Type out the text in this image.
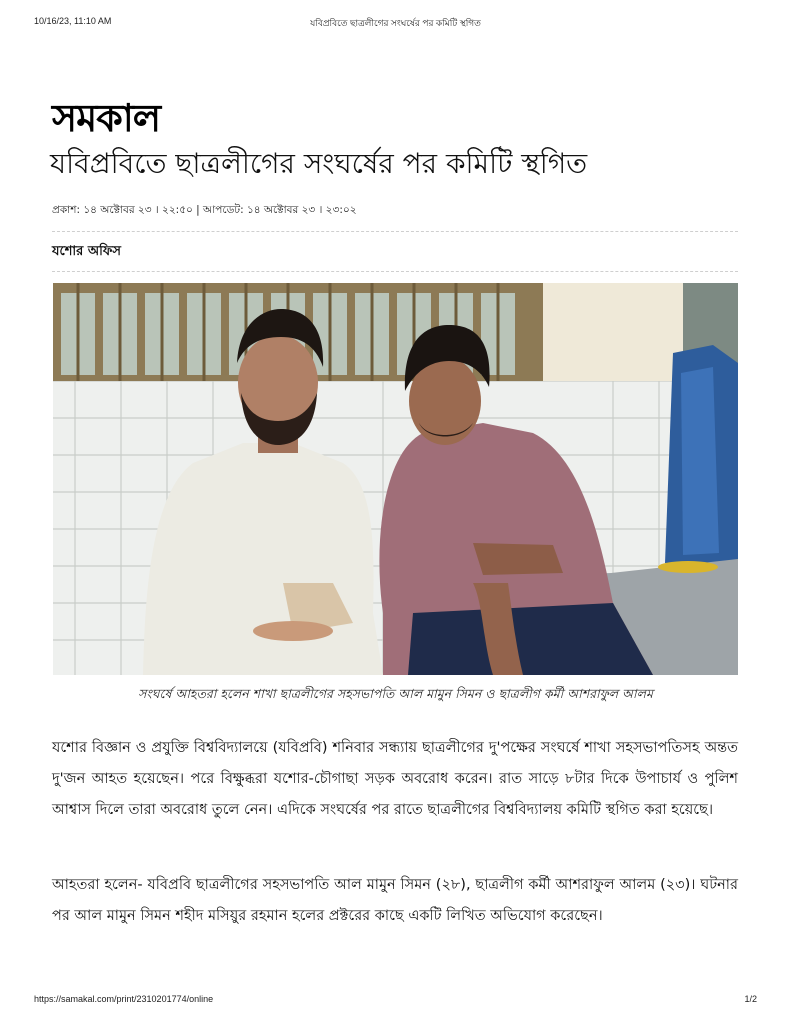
10/16/23, 11:10 AM	যবিপ্রবিতে ছাত্রলীগের সংঘর্ষের পর কমিটি স্থগিত
সমকাল
যবিপ্রবিতে ছাত্রলীগের সংঘর্ষের পর কমিটি স্থগিত
প্রকাশ: ১৪ অক্টোবর ২৩ । ২২:৫০ | আপডেট: ১৪ অক্টোবর ২৩ । ২৩:০২
যশোর অফিস
সংঘর্ষে আহতরা হলেন শাখা ছাত্রলীগের সহসভাপতি আল মামুন সিমন ও ছাত্রলীগ কর্মী আশরাফুল আলম

যশোর বিজ্ঞান ও প্রযুক্তি বিশ্ববিদ্যালয়ে (যবিপ্রবি) শনিবার সন্ধ্যায় ছাত্রলীগের দু'পক্ষের সংঘর্ষে শাখা সহসভাপতিসহ অন্তত দু'জন আহত হয়েছেন। পরে বিক্ষুব্ধরা যশোর-চৌগাছা সড়ক অবরোধ করেন। রাত সাড়ে ৮টার দিকে উপাচার্য ও পুলিশ আশ্বাস দিলে তারা অবরোধ তুলে নেন। এদিকে সংঘর্ষের পর রাতে ছাত্রলীগের বিশ্ববিদ্যালয় কমিটি স্থগিত করা হয়েছে।

আহতরা হলেন- যবিপ্রবি ছাত্রলীগের সহসভাপতি আল মামুন সিমন (২৮), ছাত্রলীগ কর্মী আশরাফুল আলম (২৩)। ঘটনার পর আল মামুন সিমন শহীদ মসিয়ুর রহমান হলের প্রক্টরের কাছে একটি লিখিত অভিযোগ করেছেন।

https://samakal.com/print/2310201774/online	1/2
